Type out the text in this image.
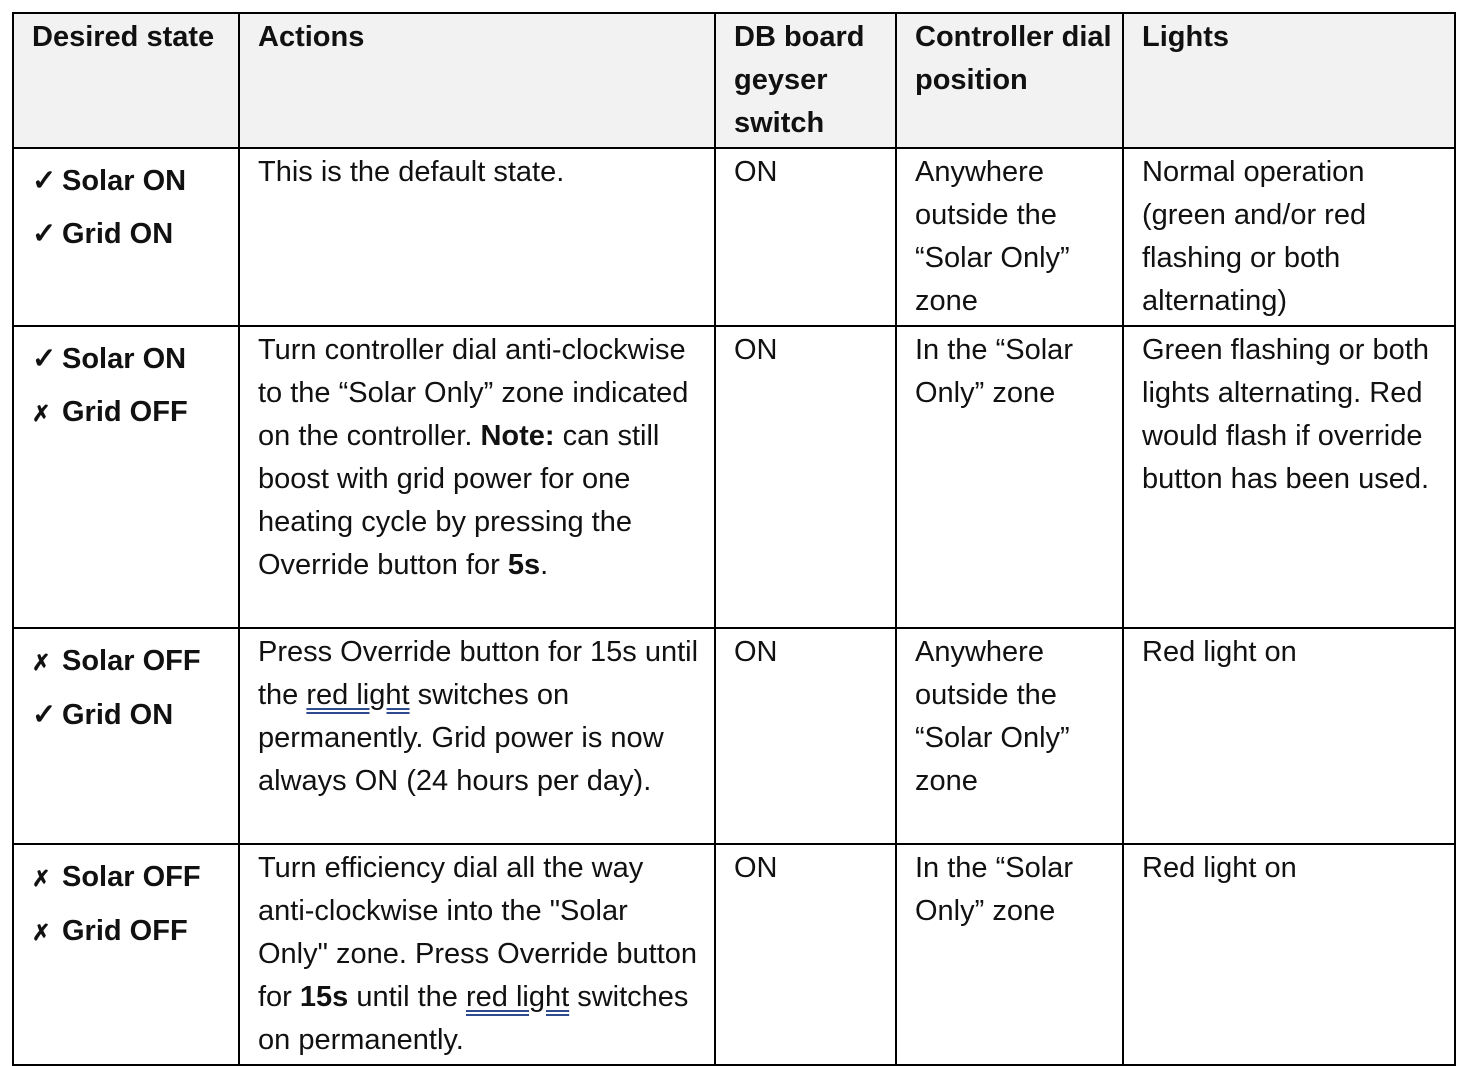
Desired state	Actions	DB board geyser switch	Controller dial position	Lights

✓ Solar ON
✓ Grid ON	This is the default state.	ON	Anywhere outside the “Solar Only” zone	Normal operation (green and/or red flashing or both alternating)

✓ Solar ON
✗ Grid OFF	Turn controller dial anti-clockwise to the “Solar Only” zone indicated on the controller. Note: can still boost with grid power for one heating cycle by pressing the Override button for 5s.	ON	In the “Solar Only” zone	Green flashing or both lights alternating. Red would flash if override button has been used.

✗ Solar OFF
✓ Grid ON	Press Override button for 15s until the red light switches on permanently. Grid power is now always ON (24 hours per day).	ON	Anywhere outside the “Solar Only” zone	Red light on

✗ Solar OFF
✗ Grid OFF	Turn efficiency dial all the way anti-clockwise into the "Solar Only" zone. Press Override button for 15s until the red light switches on permanently.	ON	In the “Solar Only” zone	Red light on
